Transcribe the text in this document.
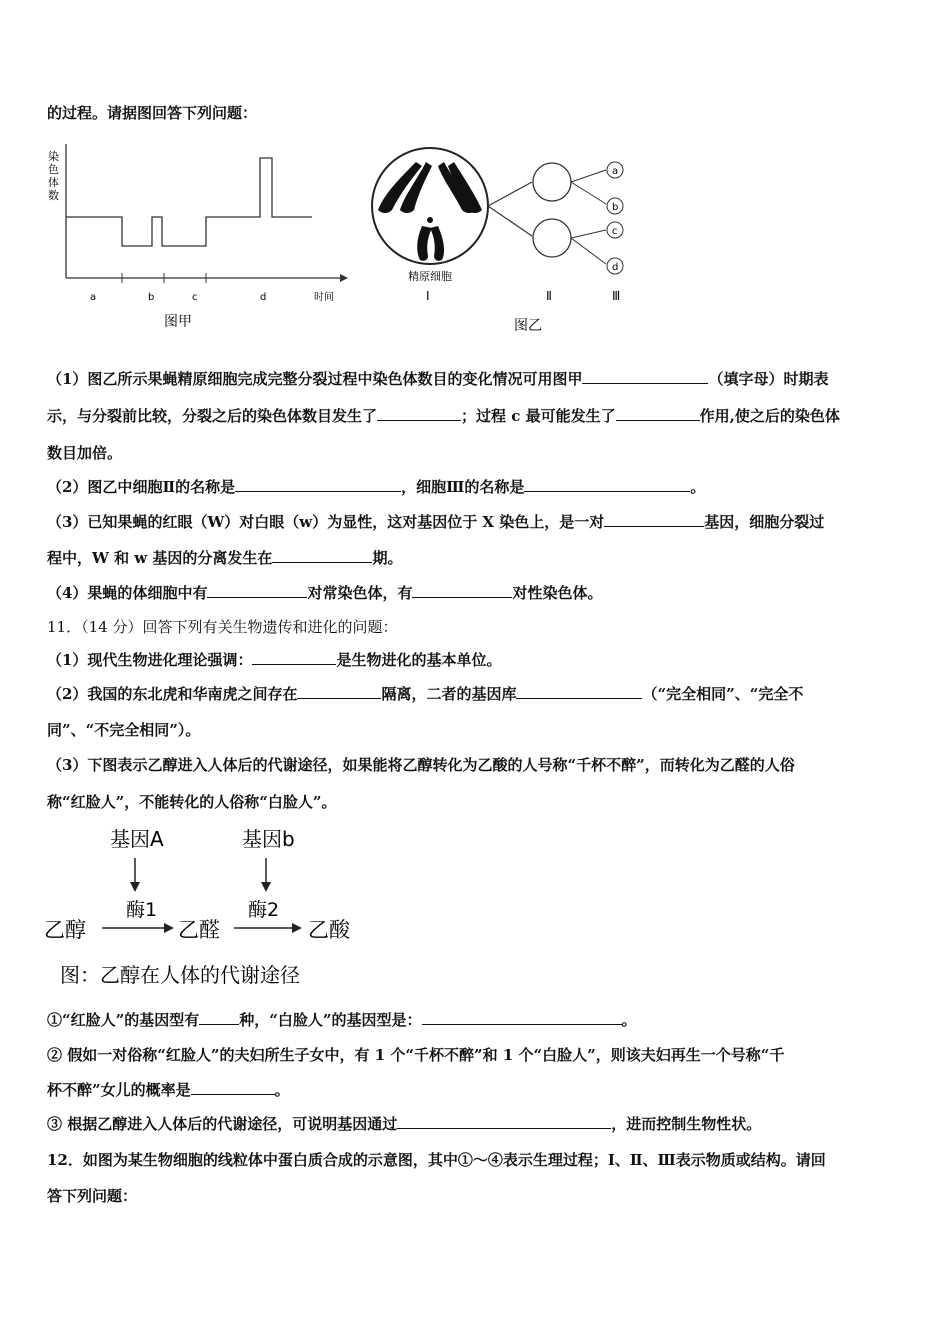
的过程。请据图回答下列问题：
染
色
体
数
a	b	c	d	时间
图甲
a
b
c
d
精原细胞
Ⅰ	Ⅱ	Ⅲ
图乙
（1）图乙所示果蝇精原细胞完成完整分裂过程中染色体数目的变化情况可用图甲	（填字母）时期表
示，与分裂前比较，分裂之后的染色体数目发生了	；过程 c 最可能发生了	作用,使之后的染色体
数目加倍。
（2）图乙中细胞Ⅱ的名称是	，细胞Ⅲ的名称是	。
（3）已知果蝇的红眼（W）对白眼（w）为显性，这对基因位于 X 染色上，是一对	基因，细胞分裂过
程中，W 和 w 基因的分离发生在	期。
（4）果蝇的体细胞中有	对常染色体，有	对性染色体。
11．（14 分）回答下列有关生物遗传和进化的问题：
（1）现代生物进化理论强调：	是生物进化的基本单位。
（2）我国的东北虎和华南虎之间存在	隔离，二者的基因库	（“完全相同”、“完全不
同”、“不完全相同”）。
（3）下图表示乙醇进入人体后的代谢途径，如果能将乙醇转化为乙酸的人号称“千杯不醉”，而转化为乙醛的人俗
称“红脸人”，不能转化的人俗称“白脸人”。
基因A	基因b
酶1	酶2
乙醇	乙醛	乙酸
图：乙醇在人体的代谢途径
①“红脸人”的基因型有	种，“白脸人”的基因型是：	。
② 假如一对俗称“红脸人”的夫妇所生子女中，有 1 个“千杯不醉”和 1 个“白脸人”，则该夫妇再生一个号称“千
杯不醉”女儿的概率是	。
③ 根据乙醇进入人体后的代谢途径，可说明基因通过	，进而控制生物性状。
12．如图为某生物细胞的线粒体中蛋白质合成的示意图，其中①～④表示生理过程；Ⅰ、Ⅱ、Ⅲ表示物质或结构。请回
答下列问题：
